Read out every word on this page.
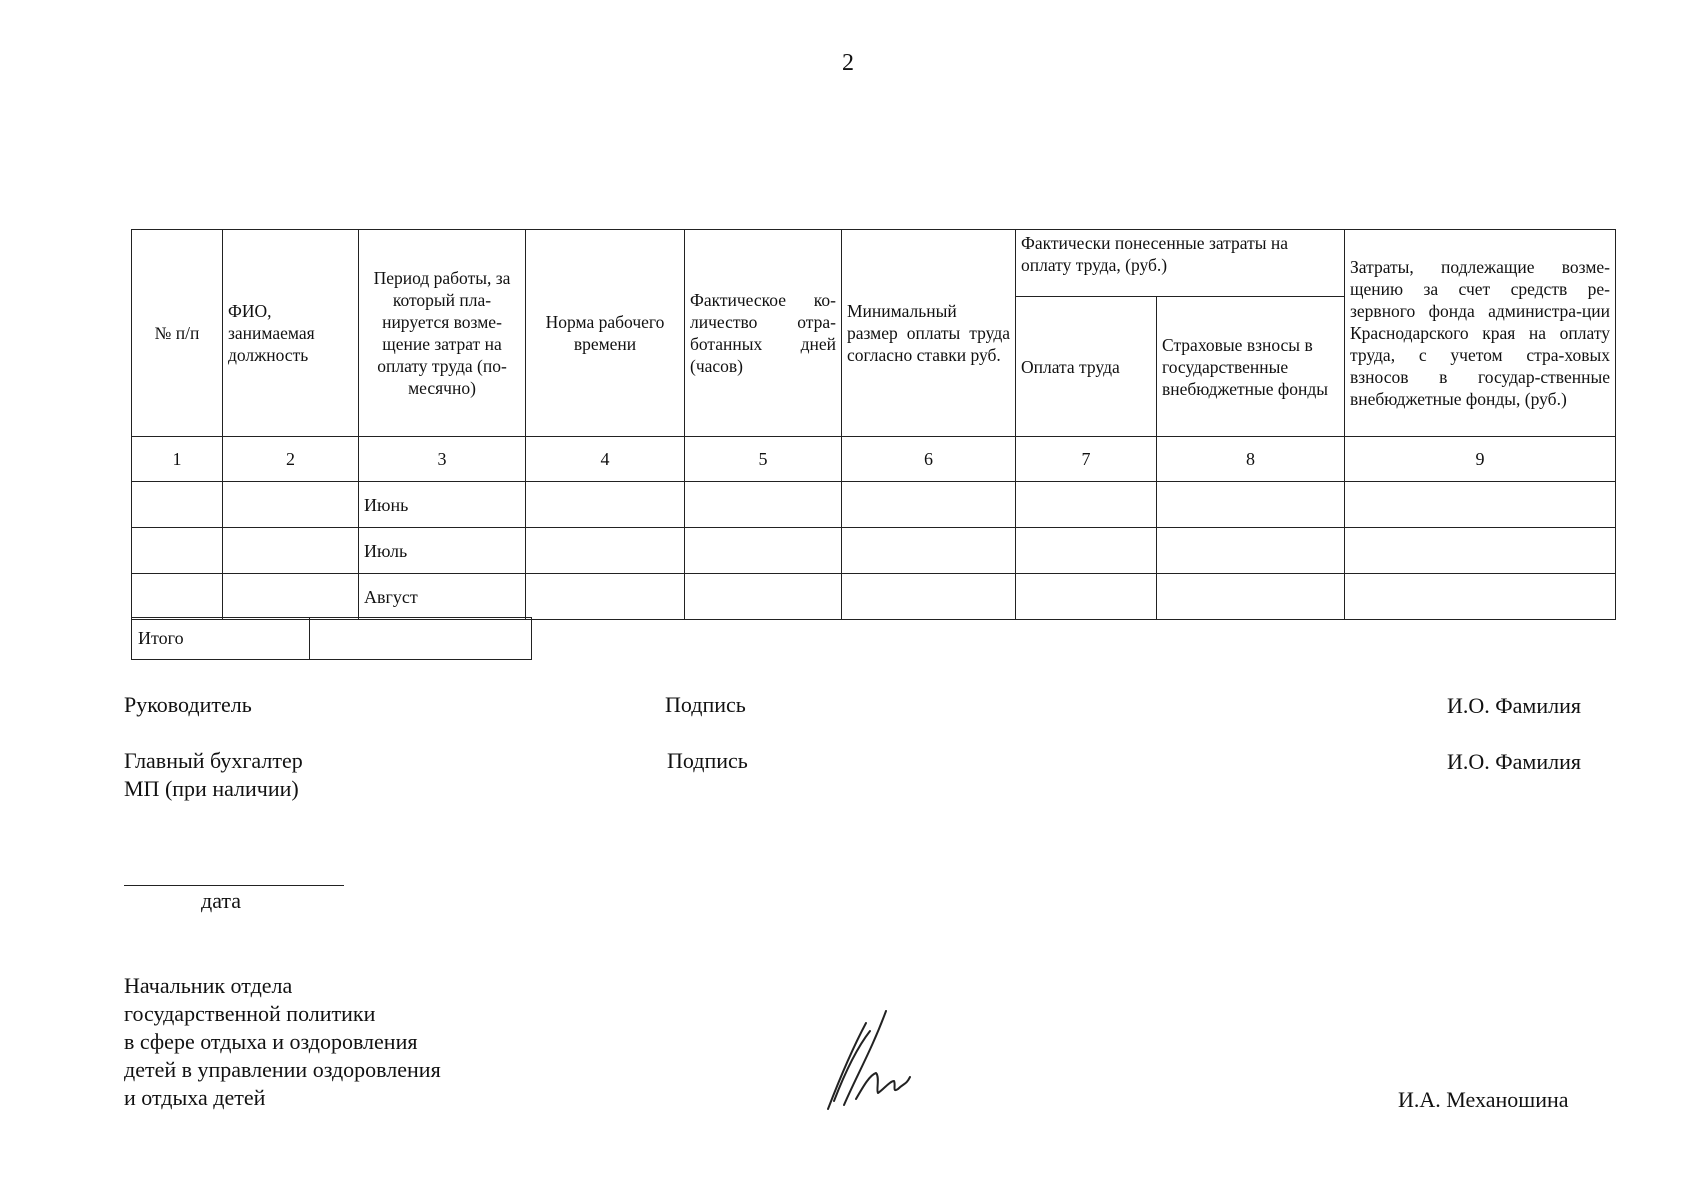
2
№ п/п	ФИО, занимаемая должность	Период работы, за который пла-нируется возме-щение затрат на оплату труда (по-месячно)	Норма рабочего времени	Фактическое ко-личество отра-ботанных дней (часов)	Минимальный размер оплаты труда согласно ставки руб.	Фактически понесенные затраты на оплату труда, (руб.)		Затраты, подлежащие возме-щению за счет средств ре-зервного фонда администра-ции Краснодарского края на оплату труда, с учетом стра-ховых взносов в государ-ственные внебюджетные фонды, (руб.)
						Оплата труда	Страховые взносы в государственные внебюджетные фонды	
1	2	3	4	5	6	7	8	9
		Июнь						
		Июль						
		Август						
Итого	
Руководитель	Подпись	И.О. Фамилия
Главный бухгалтер	Подпись	И.О. Фамилия
МП (при наличии)
дата
Начальник отдела
государственной политики
в сфере отдыха и оздоровления
детей в управлении оздоровления
и отдыха детей	И.А. Механошина
